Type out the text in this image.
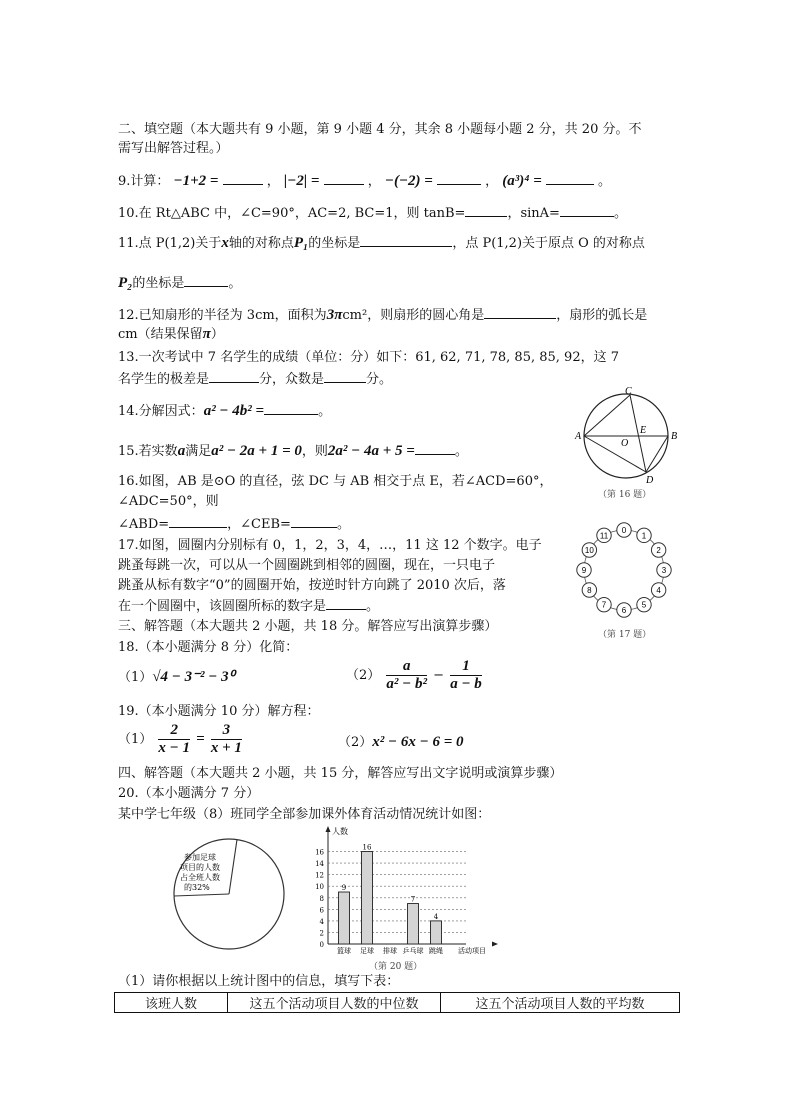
二、填空题（本大题共有 9 小题，第 9 小题 4 分，其余 8 小题每小题 2 分，共 20 分。不
需写出解答过程。）
9.计算： −1+2 =	， |−2| =	， −(−2) =	， (a³)⁴ =	。
10.在 Rt△ABC 中，∠C=90°，AC=2, BC=1，则 tanB=	，sinA=	。
11.点 P(1,2)关于x轴的对称点P₁的坐标是	，点 P(1,2)关于原点 O 的对称点
P₂的坐标是	。
12.已知扇形的半径为 3cm，面积为3πcm²，则扇形的圆心角是	，扇形的弧长是
cm（结果保留π）
13.一次考试中 7 名学生的成绩（单位：分）如下：61, 62, 71, 78, 85, 85, 92，这 7
名学生的极差是	分，众数是	分。
14.分解因式：a² − 4b² =	。
15.若实数a满足a² − 2a + 1 = 0，则2a² − 4a + 5 =	。
16.如图，AB 是⊙O 的直径，弦 DC 与 AB 相交于点 E，若∠ACD=60°，
∠ADC=50°，则
∠ABD=	，∠CEB=	。
C
A
O
E
B
D
（第 16 题）
17.如图，圆圈内分别标有 0，1，2，3，4，…，11 这 12 个数字。电子
跳蚤每跳一次，可以从一个圆圈跳到相邻的圆圈，现在，一只电子
跳蚤从标有数字“0”的圆圈开始，按逆时针方向跳了 2010 次后，落
在一个圆圈中，该圆圈所标的数字是	。
（第 17 题）
0
1
2
3
4
5
6
7
8
9
10
11
三、解答题（本大题共 2 小题，共 18 分。解答应写出演算步骤）
18.（本小题满分 8 分）化简：
（1）√4 − 3⁻² − 3⁰	$(2) \frac{a}{\text{a² − b²}} - \frac{1}{a - b}$
19.（本小题满分 10 分）解方程：
$(1) \frac{2}{x - 1} = \frac{3}{x + 1}$	（2）x² − 6x − 6 = 0
四、解答题（本大题共 2 小题，共 15 分，解答应写出文字说明或演算步骤）
20.（本小题满分 7 分）
某中学七年级（8）班同学全部参加课外体育活动情况统计如图：
参加足球
项目的人数
占全班人数
的32%
人数
0
2
4
6
8
10
12
14
16
9
篮球
16
足球 排球
7
乒乓球
4
跳绳 活动项目
（第 20 题）
（1）请你根据以上统计图中的信息，填写下表：
该班人数	这五个活动项目人数的中位数	这五个活动项目人数的平均数
